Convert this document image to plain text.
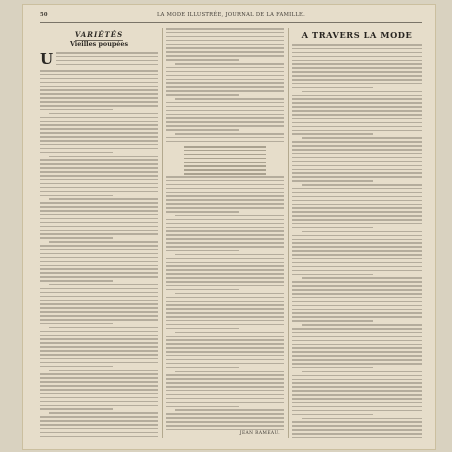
50	LA MODE ILLUSTRÉE, JOURNAL DE LA FAMILLE.
VARIÉTÉS
Vieilles poupées
U
JEAN RAMEAU.
A TRAVERS LA MODE
